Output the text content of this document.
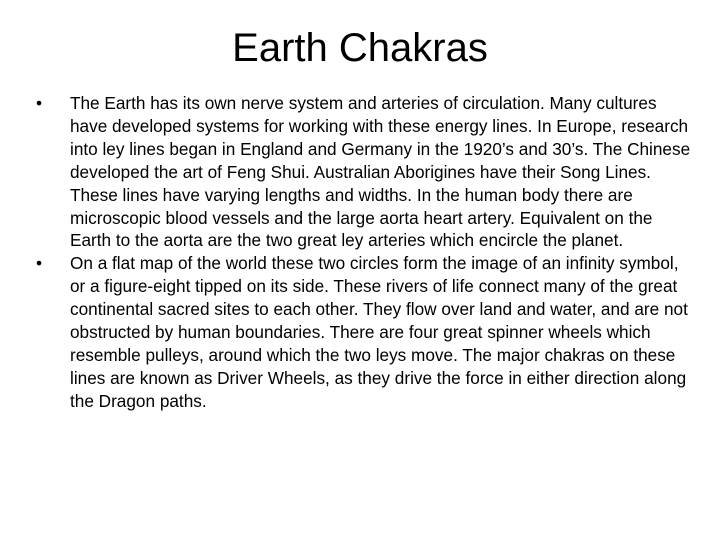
Earth Chakras
•	The Earth has its own nerve system and arteries of circulation. Many cultures have developed systems for working with these energy lines. In Europe, research into ley lines began in England and Germany in the 1920’s and 30’s. The Chinese developed the art of Feng Shui. Australian Aborigines have their Song Lines. These lines have varying lengths and widths. In the human body there are microscopic blood vessels and the large aorta heart artery. Equivalent on the Earth to the aorta are the two great ley arteries which encircle the planet.
•	On a flat map of the world these two circles form the image of an infinity symbol, or a figure-eight tipped on its side. These rivers of life connect many of the great continental sacred sites to each other. They flow over land and water, and are not obstructed by human boundaries. There are four great spinner wheels which resemble pulleys, around which the two leys move. The major chakras on these lines are known as Driver Wheels, as they drive the force in either direction along the Dragon paths.
